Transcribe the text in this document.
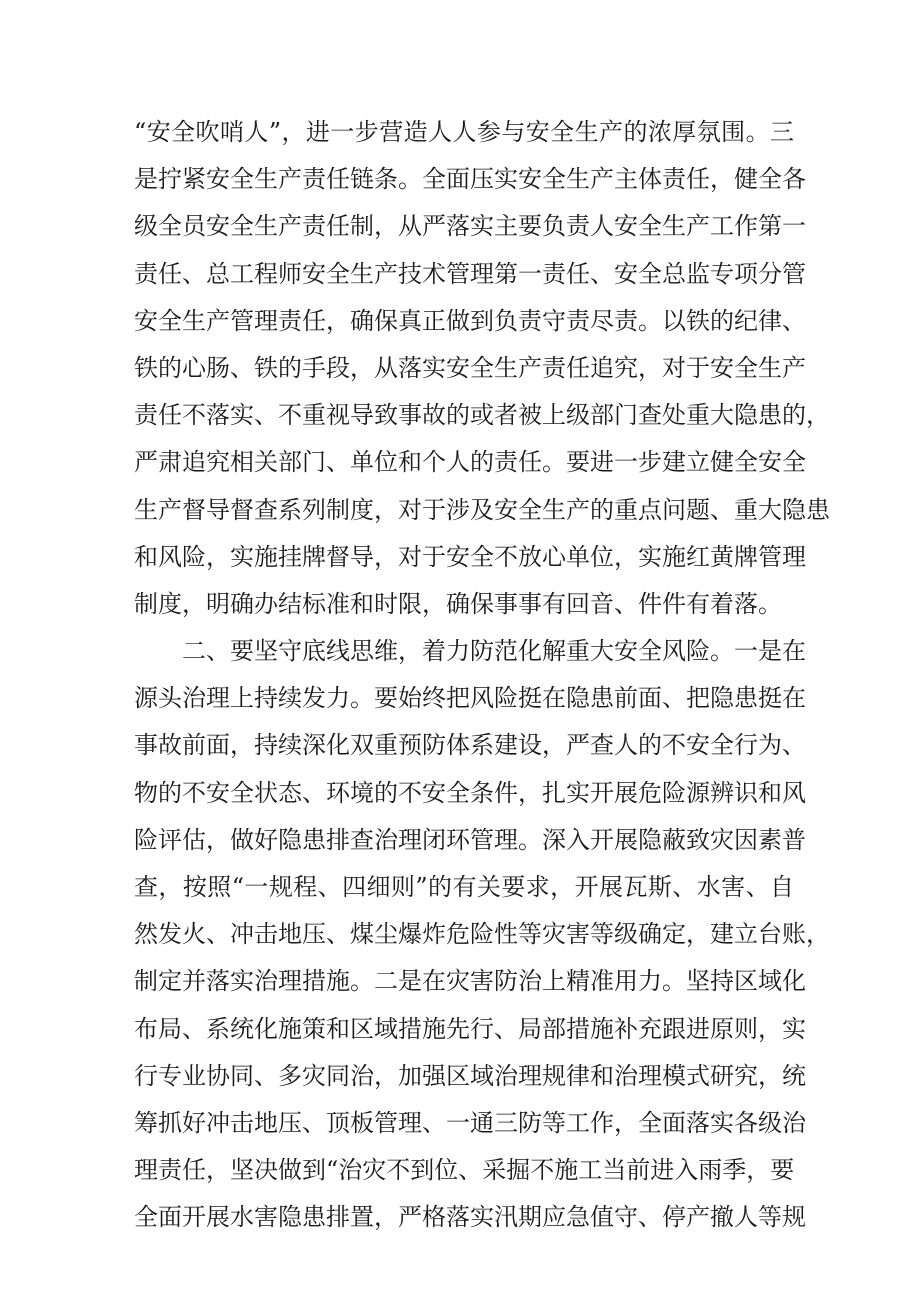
“安全吹哨人”，进一步营造人人参与安全生产的浓厚氛围。三
是拧紧安全生产责任链条。全面压实安全生产主体责任，健全各
级全员安全生产责任制，从严落实主要负责人安全生产工作第一
责任、总工程师安全生产技术管理第一责任、安全总监专项分管
安全生产管理责任，确保真正做到负责守责尽责。以铁的纪律、
铁的心肠、铁的手段，从落实安全生产责任追究，对于安全生产
责任不落实、不重视导致事故的或者被上级部门查处重大隐患的，
严肃追究相关部门、单位和个人的责任。要进一步建立健全安全
生产督导督查系列制度，对于涉及安全生产的重点问题、重大隐患
和风险，实施挂牌督导，对于安全不放心单位，实施红黄牌管理
制度，明确办结标准和时限，确保事事有回音、件件有着落。
　　二、要坚守底线思维，着力防范化解重大安全风险。一是在
源头治理上持续发力。要始终把风险挺在隐患前面、把隐患挺在
事故前面，持续深化双重预防体系建设，严查人的不安全行为、
物的不安全状态、环境的不安全条件，扎实开展危险源辨识和风
险评估，做好隐患排查治理闭环管理。深入开展隐蔽致灾因素普
查，按照“一规程、四细则”的有关要求，开展瓦斯、水害、自
然发火、冲击地压、煤尘爆炸危险性等灾害等级确定，建立台账，
制定并落实治理措施。二是在灾害防治上精准用力。坚持区域化
布局、系统化施策和区域措施先行、局部措施补充跟进原则，实
行专业协同、多灾同治，加强区域治理规律和治理模式研究，统
筹抓好冲击地压、顶板管理、一通三防等工作，全面落实各级治
理责任，坚决做到“治灾不到位、采掘不施工当前进入雨季，要
全面开展水害隐患排置，严格落实汛期应急值守、停产撤人等规
